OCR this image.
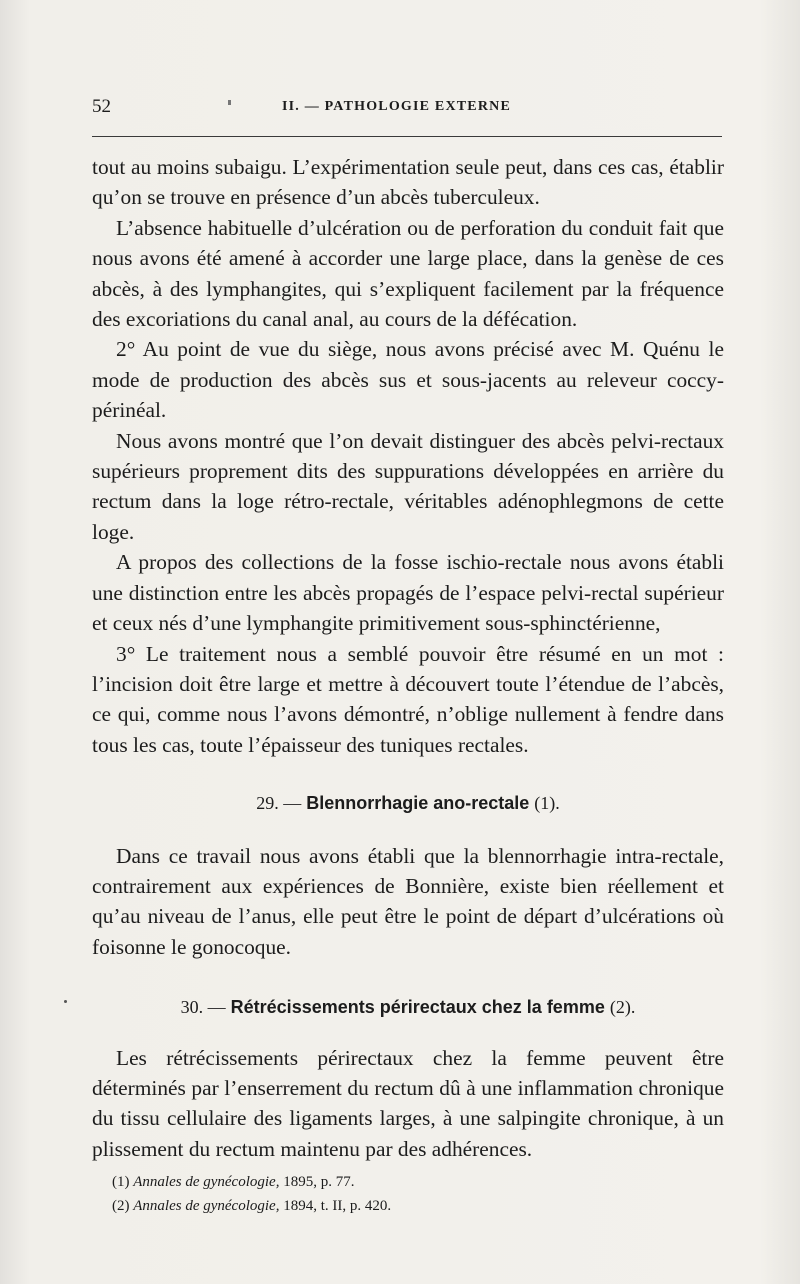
52	II. — PATHOLOGIE EXTERNE

tout au moins subaigu. L’expérimentation seule peut, dans ces cas, établir qu’on se trouve en présence d’un abcès tuberculeux.

L’absence habituelle d’ulcération ou de perforation du conduit fait que nous avons été amené à accorder une large place, dans la genèse de ces abcès, à des lymphangites, qui s’expliquent facilement par la fréquence des excoriations du canal anal, au cours de la défécation.

2° Au point de vue du siège, nous avons précisé avec M. Quénu le mode de production des abcès sus et sous-jacents au releveur coccy-périnéal.

Nous avons montré que l’on devait distinguer des abcès pelvi-rectaux supérieurs proprement dits des suppurations développées en arrière du rectum dans la loge rétro-rectale, véritables adénophlegmons de cette loge.

A propos des collections de la fosse ischio-rectale nous avons établi une distinction entre les abcès propagés de l’espace pelvi-rectal supérieur et ceux nés d’une lymphangite primitivement sous-sphinctérienne,

3° Le traitement nous a semblé pouvoir être résumé en un mot : l’incision doit être large et mettre à découvert toute l’étendue de l’abcès, ce qui, comme nous l’avons démontré, n’oblige nullement à fendre dans tous les cas, toute l’épaisseur des tuniques rectales.

29. — Blennorrhagie ano-rectale (1).

Dans ce travail nous avons établi que la blennorrhagie intra-rectale, contrairement aux expériences de Bonnière, existe bien réellement et qu’au niveau de l’anus, elle peut être le point de départ d’ulcérations où foisonne le gonocoque.

30. — Rétrécissements périrectaux chez la femme (2).

Les rétrécissements périrectaux chez la femme peuvent être déterminés par l’enserrement du rectum dû à une inflammation chronique du tissu cellulaire des ligaments larges, à une salpingite chronique, à un plissement du rectum maintenu par des adhérences.

(1) Annales de gynécologie, 1895, p. 77.
(2) Annales de gynécologie, 1894, t. II, p. 420.
